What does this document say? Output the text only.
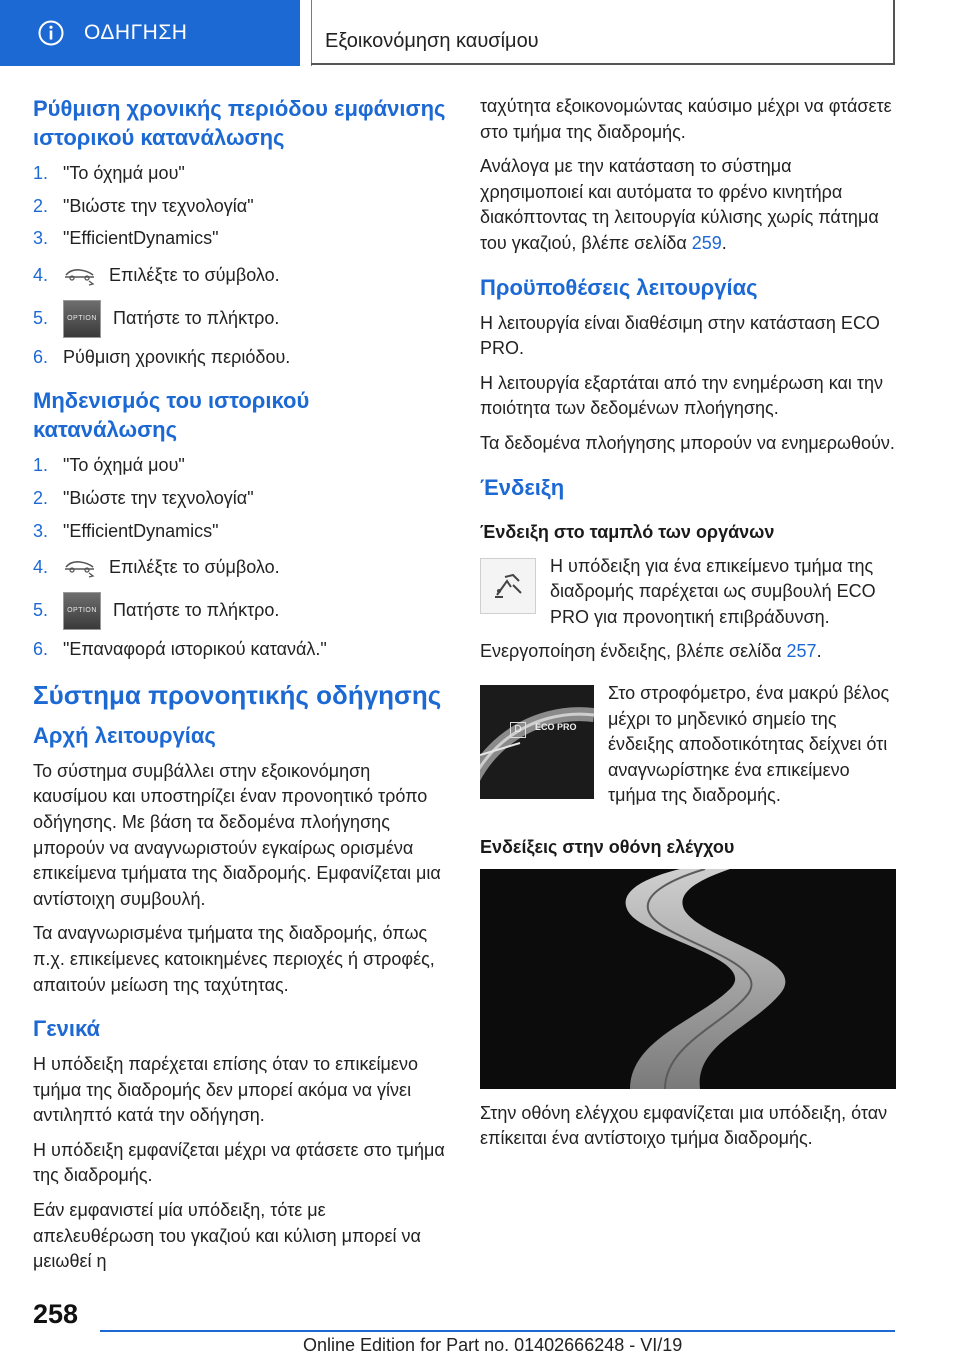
ΟΔΗΓΗΣΗ	Εξοικονόμηση καυσίμου
Ρύθμιση χρονικής περιόδου εμφάνισης ιστορικού κατανάλωσης
1. "Το όχημά μου"
2. "Βιώστε την τεχνολογία"
3. "EfficientDynamics"
4.	Επιλέξτε το σύμβολο.
5.	OPTION Πατήστε το πλήκτρο.
6. Ρύθμιση χρονικής περιόδου.
Μηδενισμός του ιστορικού κατανάλωσης
1. "Το όχημά μου"
2. "Βιώστε την τεχνολογία"
3. "EfficientDynamics"
4.	Επιλέξτε το σύμβολο.
5.	OPTION Πατήστε το πλήκτρο.
6. "Επαναφορά ιστορικού κατανάλ."
Σύστημα προνοητικής οδήγησης
Αρχή λειτουργίας
Το σύστημα συμβάλλει στην εξοικονόμηση καυσίμου και υποστηρίζει έναν προνοητικό τρόπο οδήγησης. Με βάση τα δεδομένα πλοήγησης μπορούν να αναγνωριστούν εγκαίρως ορισμένα επικείμενα τμήματα της διαδρομής. Εμφανίζεται μια αντίστοιχη συμβουλή.
Τα αναγνωρισμένα τμήματα της διαδρομής, όπως π.χ. επικείμενες κατοικημένες περιοχές ή στροφές, απαιτούν μείωση της ταχύτητας.
Γενικά
Η υπόδειξη παρέχεται επίσης όταν το επικείμενο τμήμα της διαδρομής δεν μπορεί ακόμα να γίνει αντιληπτό κατά την οδήγηση.
Η υπόδειξη εμφανίζεται μέχρι να φτάσετε στο τμήμα της διαδρομής.
Εάν εμφανιστεί μία υπόδειξη, τότε με απελευθέρωση του γκαζιού και κύλιση μπορεί να μειωθεί η
ταχύτητα εξοικονομώντας καύσιμο μέχρι να φτάσετε στο τμήμα της διαδρομής.
Ανάλογα με την κατάσταση το σύστημα χρησιμοποιεί και αυτόματα το φρένο κινητήρα διακόπτοντας τη λειτουργία κύλισης χωρίς πάτημα του γκαζιού, βλέπε σελίδα 259.
Προϋποθέσεις λειτουργίας
Η λειτουργία είναι διαθέσιμη στην κατάσταση ECO PRO.
Η λειτουργία εξαρτάται από την ενημέρωση και την ποιότητα των δεδομένων πλοήγησης.
Τα δεδομένα πλοήγησης μπορούν να ενημερωθούν.
Ένδειξη
Ένδειξη στο ταμπλό των οργάνων
Η υπόδειξη για ένα επικείμενο τμήμα της διαδρομής παρέχεται ως συμβουλή ECO PRO για προνοητική επιβράδυνση.
Ενεργοποίηση ένδειξης, βλέπε σελίδα 257.
D	ECO PRO
Στο στροφόμετρο, ένα μακρύ βέλος μέχρι το μηδενικό σημείο της ένδειξης αποδοτικότητας δείχνει ότι αναγνωρίστηκε ένα επικείμενο τμήμα της διαδρομής.
Ενδείξεις στην οθόνη ελέγχου
Στην οθόνη ελέγχου εμφανίζεται μια υπόδειξη, όταν επίκειται ένα αντίστοιχο τμήμα διαδρομής.
258
Online Edition for Part no. 01402666248 - VI/19
